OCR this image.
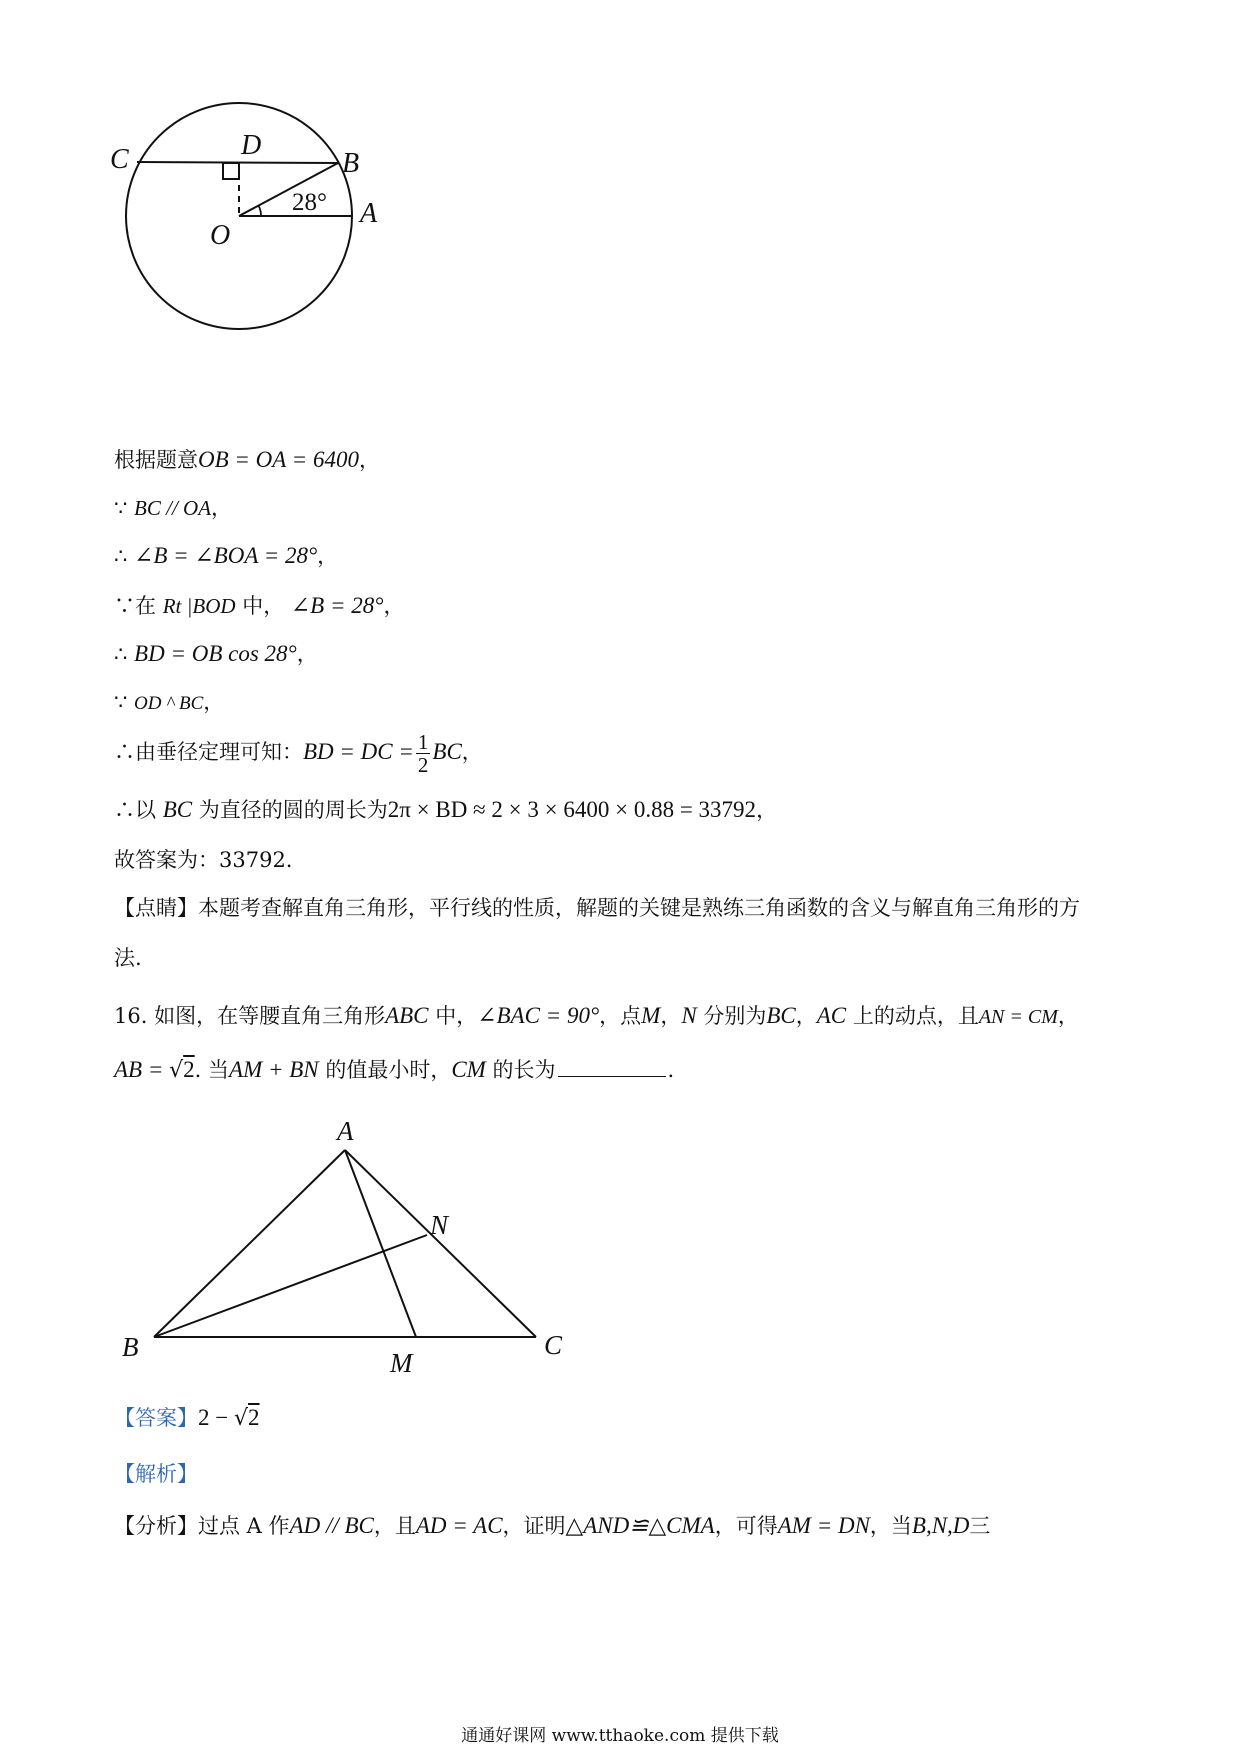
C	D
B
O
A
28°
根据题意OB = OA = 6400，
∵ BC // OA，
∴ ∠B = ∠BOA = 28°，
∵在 Rt |BOD 中， ∠B = 28°，
∴ BD = OB cos 28°，
∵ OD ^ BC，
∴由垂径定理可知：BD = DC = $\frac{1}{2}$ BC，
∴以 BC 为直径的圆的周长为2π × BD ≈ 2 × 3 × 6400 × 0.88 = 33792，
故答案为：33792.
【点睛】本题考查解直角三角形，平行线的性质，解题的关键是熟练三角函数的含义与解直角三角形的方
法.
16. 如图，在等腰直角三角形ABC 中，∠BAC = 90°，点M，N 分别为BC，AC 上的动点，且AN = CM，
AB = √2. 当AM + BN 的值最小时，CM 的长为	.
A
B	C
M
N
【答案】2 − √2
【解析】
【分析】过点 A 作AD // BC，且AD = AC，证明△AND≌△CMA，可得AM = DN，当B,N,D三
通通好课网 www.tthaoke.com 提供下载
